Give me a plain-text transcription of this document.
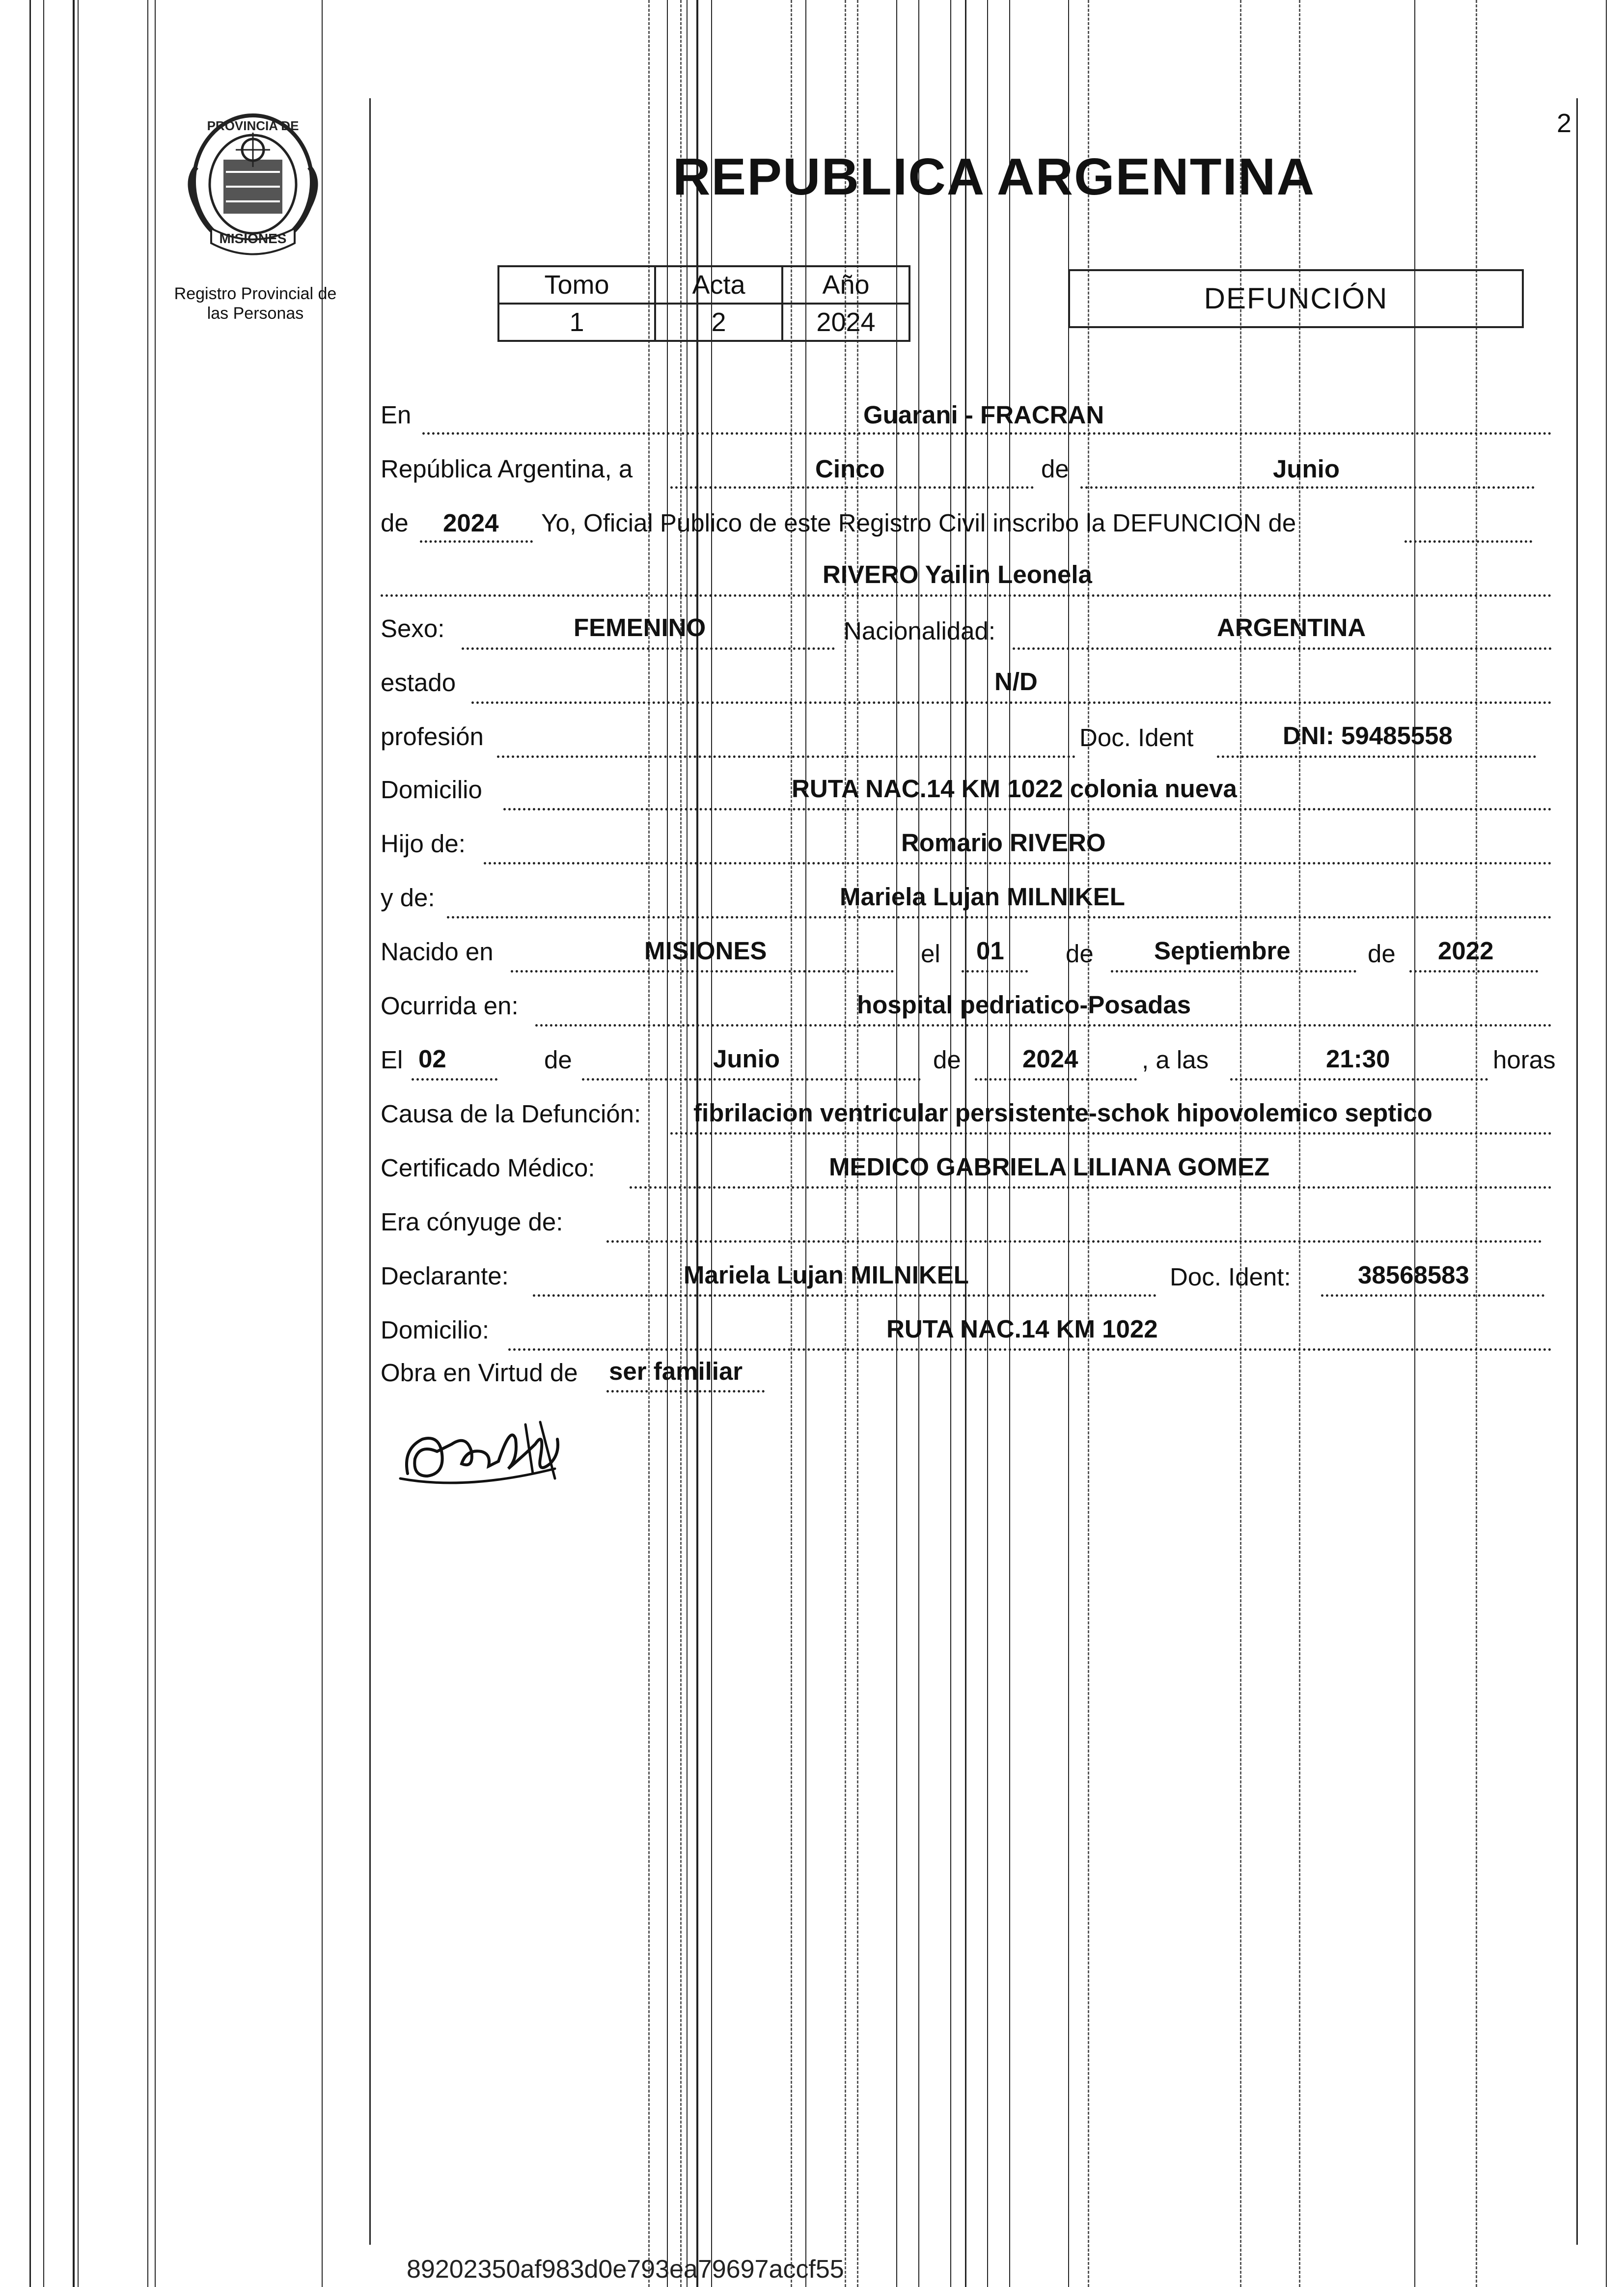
2
PROVINCIA DE
MISIONES
Registro Provincial de
las Personas
REPUBLICA ARGENTINA
Tomo	Acta	Año
1	2	2024
DEFUNCIÓN
En	Guarani - FRACRAN
República Argentina, a	Cinco	de	Junio
de 2024 Yo, Oficial Publico de este Registro Civil inscribo la DEFUNCION de
RIVERO Yailin Leonela
Sexo:	FEMENINO	Nacionalidad:	ARGENTINA
estado	N/D
profesión	Doc. Ident	DNI: 59485558
Domicilio	RUTA NAC.14 KM 1022 colonia nueva
Hijo de:	Romario RIVERO
y de:	Mariela Lujan MILNIKEL
Nacido en	MISIONES	el 01 de Septiembre	de 2022
Ocurrida en:	hospital pedriatico-Posadas
El 02	de	Junio	de 2024	, a las	21:30	horas
Causa de la Defunción: fibrilacion ventricular persistente-schok hipovolemico septico
Certificado Médico:	MEDICO GABRIELA LILIANA GOMEZ
Era cónyuge de:
Declarante:	Mariela Lujan MILNIKEL	Doc. Ident:	38568583
Domicilio:	RUTA NAC.14 KM 1022
Obra en Virtud de ser familiar
89202350af983d0e793ea79697accf55
